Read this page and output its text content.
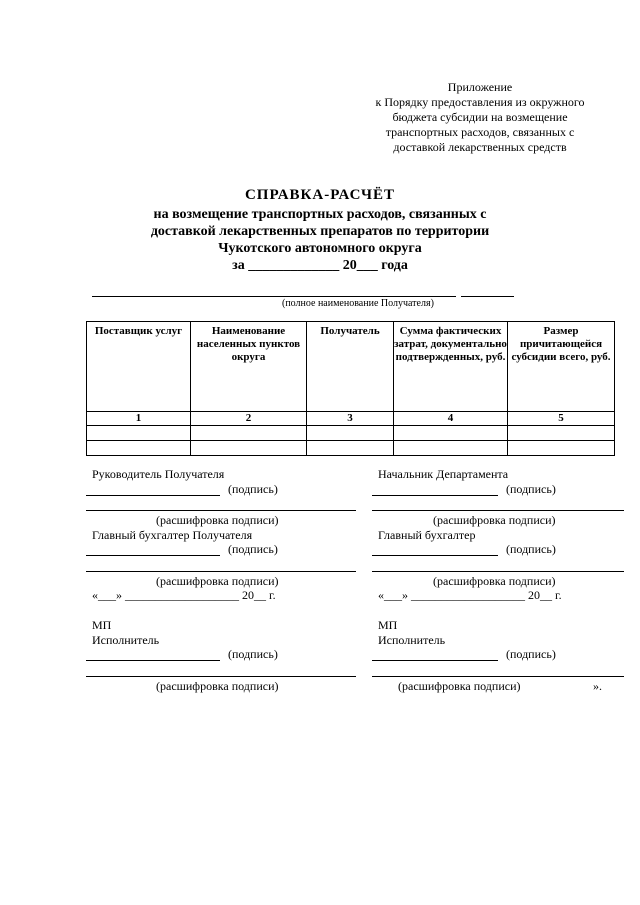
Приложение
к Порядку предоставления из окружного
бюджета субсидии на возмещение
транспортных расходов, связанных с
доставкой лекарственных средств
СПРАВКА-РАСЧЁТ
на возмещение транспортных расходов, связанных с
доставкой лекарственных препаратов по территории
Чукотского автономного округа
за _____________ 20___ года
(полное наименование Получателя)
Поставщик услуг	Наименование населенных пунктов округа	Получатель	Сумма фактических затрат, документально подтвержденных, руб.	Размер причитающейся субсидии всего, руб.
1	2	3	4	5

Руководитель Получателя
(подпись)
(расшифровка подписи)
Главный бухгалтер Получателя
(подпись)
(расшифровка подписи)
«___» ___________________ 20__ г.
МП
Исполнитель
(подпись)
(расшифровка подписи)
Начальник Департамента
(подпись)
(расшифровка подписи)
Главный бухгалтер
(подпись)
(расшифровка подписи)
«___» ___________________ 20__ г.
МП
Исполнитель
(подпись)
(расшифровка подписи)	».
